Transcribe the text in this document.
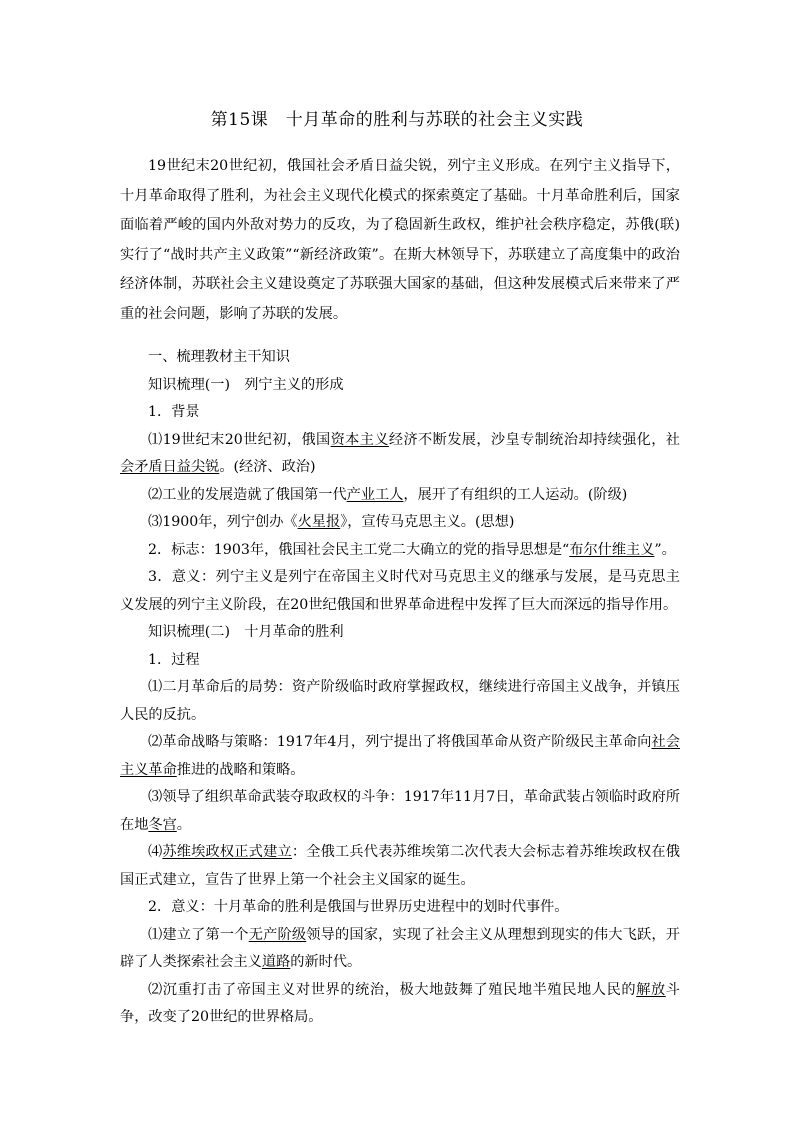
第15课　十月革命的胜利与苏联的社会主义实践

19世纪末20世纪初，俄国社会矛盾日益尖锐，列宁主义形成。在列宁主义指导下，十月革命取得了胜利，为社会主义现代化模式的探索奠定了基础。十月革命胜利后，国家面临着严峻的国内外敌对势力的反攻，为了稳固新生政权，维护社会秩序稳定，苏俄(联)实行了“战时共产主义政策”“新经济政策”。在斯大林领导下，苏联建立了高度集中的政治经济体制，苏联社会主义建设奠定了苏联强大国家的基础，但这种发展模式后来带来了严重的社会问题，影响了苏联的发展。

一、梳理教材主干知识

知识梳理(一)　列宁主义的形成

1．背景

⑴19世纪末20世纪初，俄国资本主义经济不断发展，沙皇专制统治却持续强化，社会矛盾日益尖锐。(经济、政治)

⑵工业的发展造就了俄国第一代产业工人，展开了有组织的工人运动。(阶级)

⑶1900年，列宁创办《火星报》，宣传马克思主义。(思想)

2．标志：1903年，俄国社会民主工党二大确立的党的指导思想是“布尔什维主义”。

3．意义：列宁主义是列宁在帝国主义时代对马克思主义的继承与发展，是马克思主义发展的列宁主义阶段，在20世纪俄国和世界革命进程中发挥了巨大而深远的指导作用。

知识梳理(二)　十月革命的胜利

1．过程

⑴二月革命后的局势：资产阶级临时政府掌握政权，继续进行帝国主义战争，并镇压人民的反抗。

⑵革命战略与策略：1917年4月，列宁提出了将俄国革命从资产阶级民主革命向社会主义革命推进的战略和策略。

⑶领导了组织革命武装夺取政权的斗争：1917年11月7日，革命武装占领临时政府所在地冬宫。

⑷苏维埃政权正式建立：全俄工兵代表苏维埃第二次代表大会标志着苏维埃政权在俄国正式建立，宣告了世界上第一个社会主义国家的诞生。

2．意义：十月革命的胜利是俄国与世界历史进程中的划时代事件。

⑴建立了第一个无产阶级领导的国家，实现了社会主义从理想到现实的伟大飞跃，开辟了人类探索社会主义道路的新时代。

⑵沉重打击了帝国主义对世界的统治，极大地鼓舞了殖民地半殖民地人民的解放斗争，改变了20世纪的世界格局。
